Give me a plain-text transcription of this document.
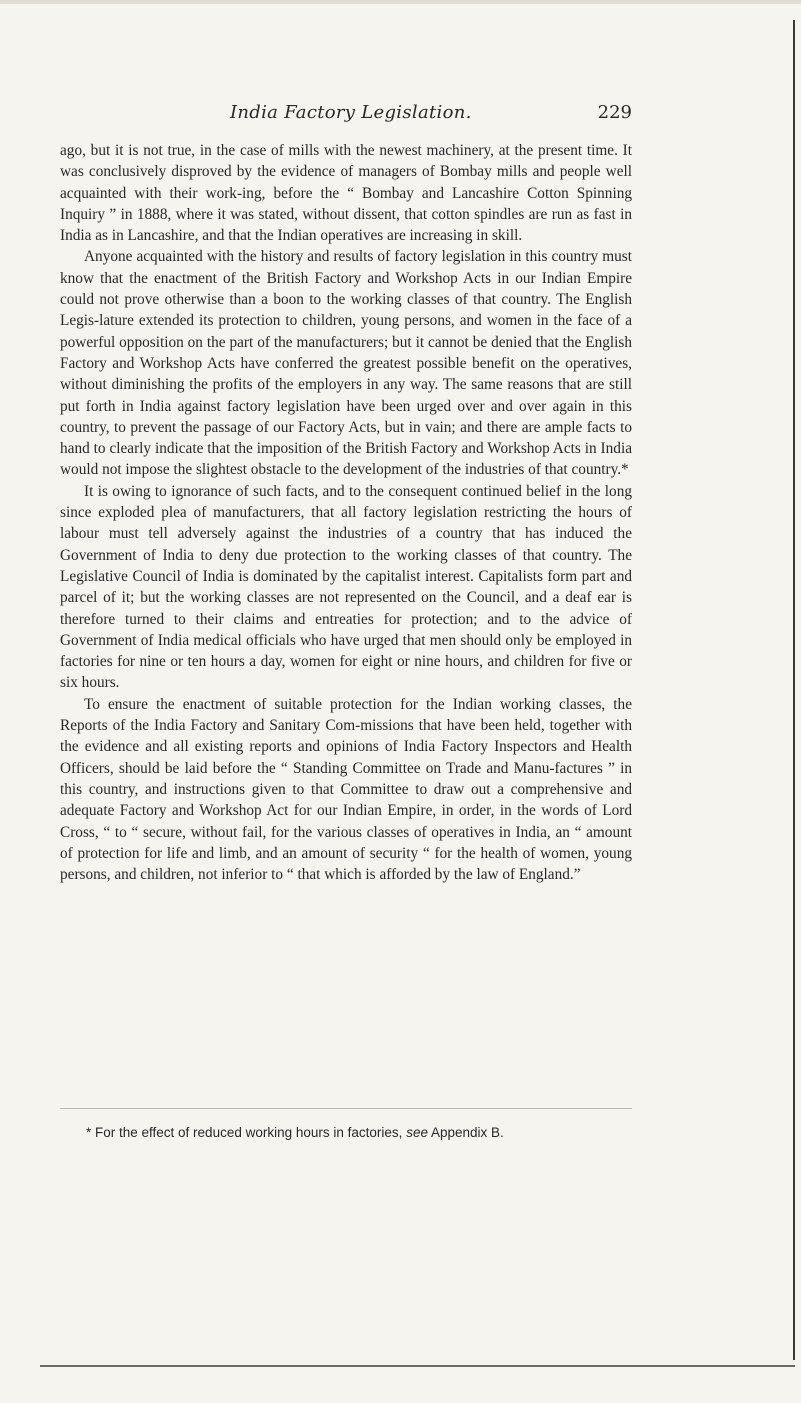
India Factory Legislation.	229

ago, but it is not true, in the case of mills with the newest machinery, at the present time. It was conclusively disproved by the evidence of managers of Bombay mills and people well acquainted with their work-ing, before the “ Bombay and Lancashire Cotton Spinning Inquiry ” in 1888, where it was stated, without dissent, that cotton spindles are run as fast in India as in Lancashire, and that the Indian operatives are increasing in skill.

Anyone acquainted with the history and results of factory legislation in this country must know that the enactment of the British Factory and Workshop Acts in our Indian Empire could not prove otherwise than a boon to the working classes of that country. The English Legis-lature extended its protection to children, young persons, and women in the face of a powerful opposition on the part of the manufacturers; but it cannot be denied that the English Factory and Workshop Acts have conferred the greatest possible benefit on the operatives, without diminishing the profits of the employers in any way. The same reasons that are still put forth in India against factory legislation have been urged over and over again in this country, to prevent the passage of our Factory Acts, but in vain; and there are ample facts to hand to clearly indicate that the imposition of the British Factory and Workshop Acts in India would not impose the slightest obstacle to the development of the industries of that country.*

It is owing to ignorance of such facts, and to the consequent continued belief in the long since exploded plea of manufacturers, that all factory legislation restricting the hours of labour must tell adversely against the industries of a country that has induced the Government of India to deny due protection to the working classes of that country. The Legislative Council of India is dominated by the capitalist interest. Capitalists form part and parcel of it; but the working classes are not represented on the Council, and a deaf ear is therefore turned to their claims and entreaties for protection; and to the advice of Government of India medical officials who have urged that men should only be employed in factories for nine or ten hours a day, women for eight or nine hours, and children for five or six hours.

To ensure the enactment of suitable protection for the Indian working classes, the Reports of the India Factory and Sanitary Com-missions that have been held, together with the evidence and all existing reports and opinions of India Factory Inspectors and Health Officers, should be laid before the “ Standing Committee on Trade and Manu-factures ” in this country, and instructions given to that Committee to draw out a comprehensive and adequate Factory and Workshop Act for our Indian Empire, in order, in the words of Lord Cross, “ to “ secure, without fail, for the various classes of operatives in India, an “ amount of protection for life and limb, and an amount of security “ for the health of women, young persons, and children, not inferior to “ that which is afforded by the law of England.”

* For the effect of reduced working hours in factories, see Appendix B.
